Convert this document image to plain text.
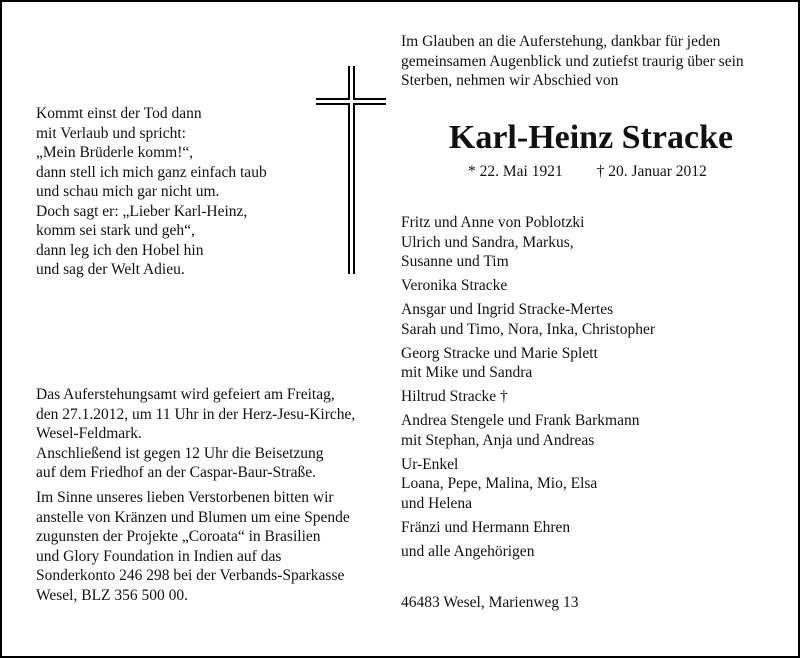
Kommt einst der Tod dann
mit Verlaub und spricht:
„Mein Brüderle komm!“,
dann stell ich mich ganz einfach taub
und schau mich gar nicht um.
Doch sagt er: „Lieber Karl-Heinz,
komm sei stark und geh“,
dann leg ich den Hobel hin
und sag der Welt Adieu.
Im Glauben an die Auferstehung, dankbar für jeden
gemeinsamen Augenblick und zutiefst traurig über sein
Sterben, nehmen wir Abschied von
Karl-Heinz Stracke
* 22. Mai 1921 † 20. Januar 2012
Das Auferstehungsamt wird gefeiert am Freitag,
den 27.1.2012, um 11 Uhr in der Herz-Jesu-Kirche,
Wesel-Feldmark.
Anschließend ist gegen 12 Uhr die Beisetzung
auf dem Friedhof an der Caspar-Baur-Straße.
Im Sinne unseres lieben Verstorbenen bitten wir
anstelle von Kränzen und Blumen um eine Spende
zugunsten der Projekte „Coroata“ in Brasilien
und Glory Foundation in Indien auf das
Sonderkonto 246 298 bei der Verbands-Sparkasse
Wesel, BLZ 356 500 00.
Fritz und Anne von Poblotzki
Ulrich und Sandra, Markus,
Susanne und Tim
Veronika Stracke
Ansgar und Ingrid Stracke-Mertes
Sarah und Timo, Nora, Inka, Christopher
Georg Stracke und Marie Splett
mit Mike und Sandra
Hiltrud Stracke †
Andrea Stengele und Frank Barkmann
mit Stephan, Anja und Andreas
Ur-Enkel
Loana, Pepe, Malina, Mio, Elsa
und Helena
Fränzi und Hermann Ehren
und alle Angehörigen
46483 Wesel, Marienweg 13
